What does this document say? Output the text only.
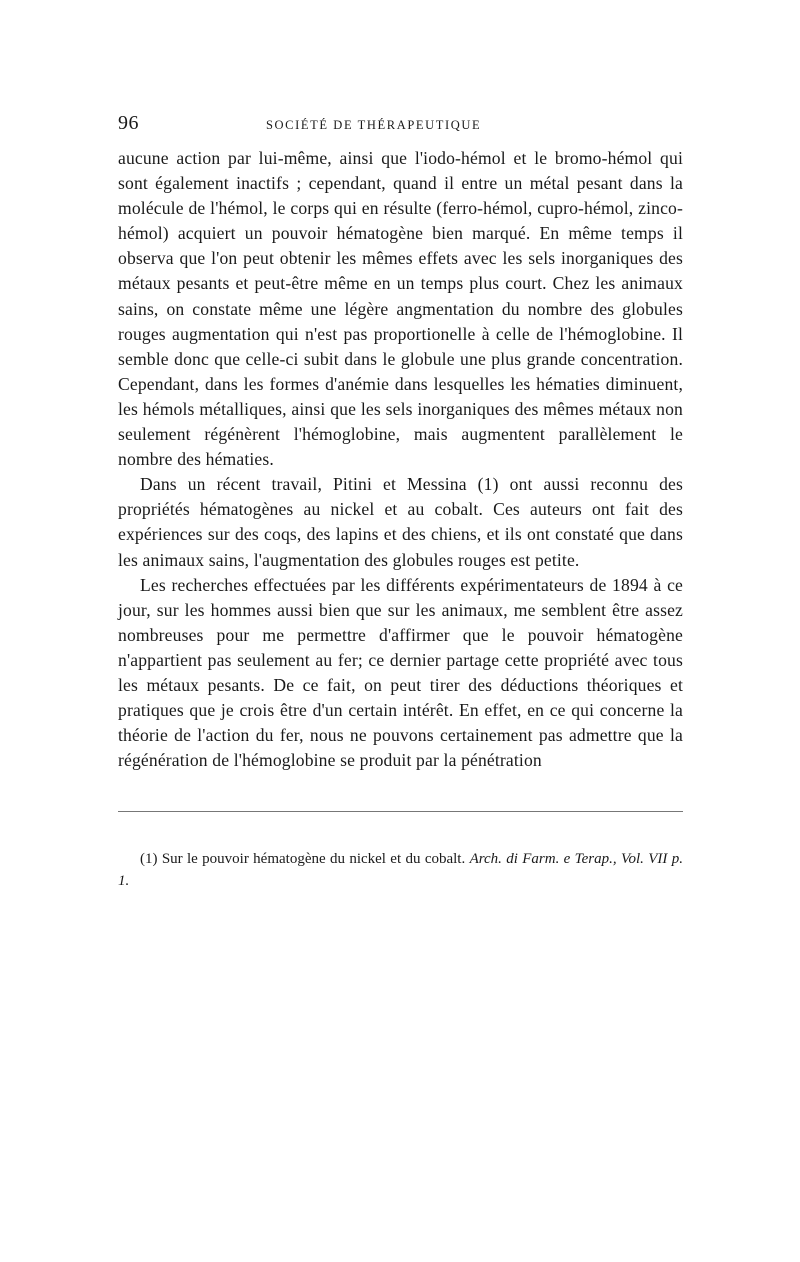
96	SOCIÉTÉ DE THÉRAPEUTIQUE

aucune action par lui-même, ainsi que l'iodo-hémol et le bromo-hémol qui sont également inactifs ; cependant, quand il entre un métal pesant dans la molécule de l'hémol, le corps qui en résulte (ferro-hémol, cupro-hémol, zinco-hémol) acquiert un pouvoir hématogène bien marqué. En même temps il observa que l'on peut obtenir les mêmes effets avec les sels inorganiques des métaux pesants et peut-être même en un temps plus court. Chez les animaux sains, on constate même une légère angmentation du nombre des globules rouges augmentation qui n'est pas proportionelle à celle de l'hémoglobine. Il semble donc que celle-ci subit dans le globule une plus grande concentration. Cependant, dans les formes d'anémie dans lesquelles les hématies diminuent, les hémols métalliques, ainsi que les sels inorganiques des mêmes métaux non seulement régénèrent l'hémoglobine, mais augmentent parallèlement le nombre des hématies.

Dans un récent travail, Pitini et Messina (1) ont aussi reconnu des propriétés hématogènes au nickel et au cobalt. Ces auteurs ont fait des expériences sur des coqs, des lapins et des chiens, et ils ont constaté que dans les animaux sains, l'augmentation des globules rouges est petite.

Les recherches effectuées par les différents expérimentateurs de 1894 à ce jour, sur les hommes aussi bien que sur les animaux, me semblent être assez nombreuses pour me permettre d'affirmer que le pouvoir hématogène n'appartient pas seulement au fer; ce dernier partage cette propriété avec tous les métaux pesants. De ce fait, on peut tirer des déductions théoriques et pratiques que je crois être d'un certain intérêt. En effet, en ce qui concerne la théorie de l'action du fer, nous ne pouvons certainement pas admettre que la régénération de l'hémoglobine se produit par la pénétration

(1) Sur le pouvoir hématogène du nickel et du cobalt. Arch. di Farm. e Terap., Vol. VII p. 1.
